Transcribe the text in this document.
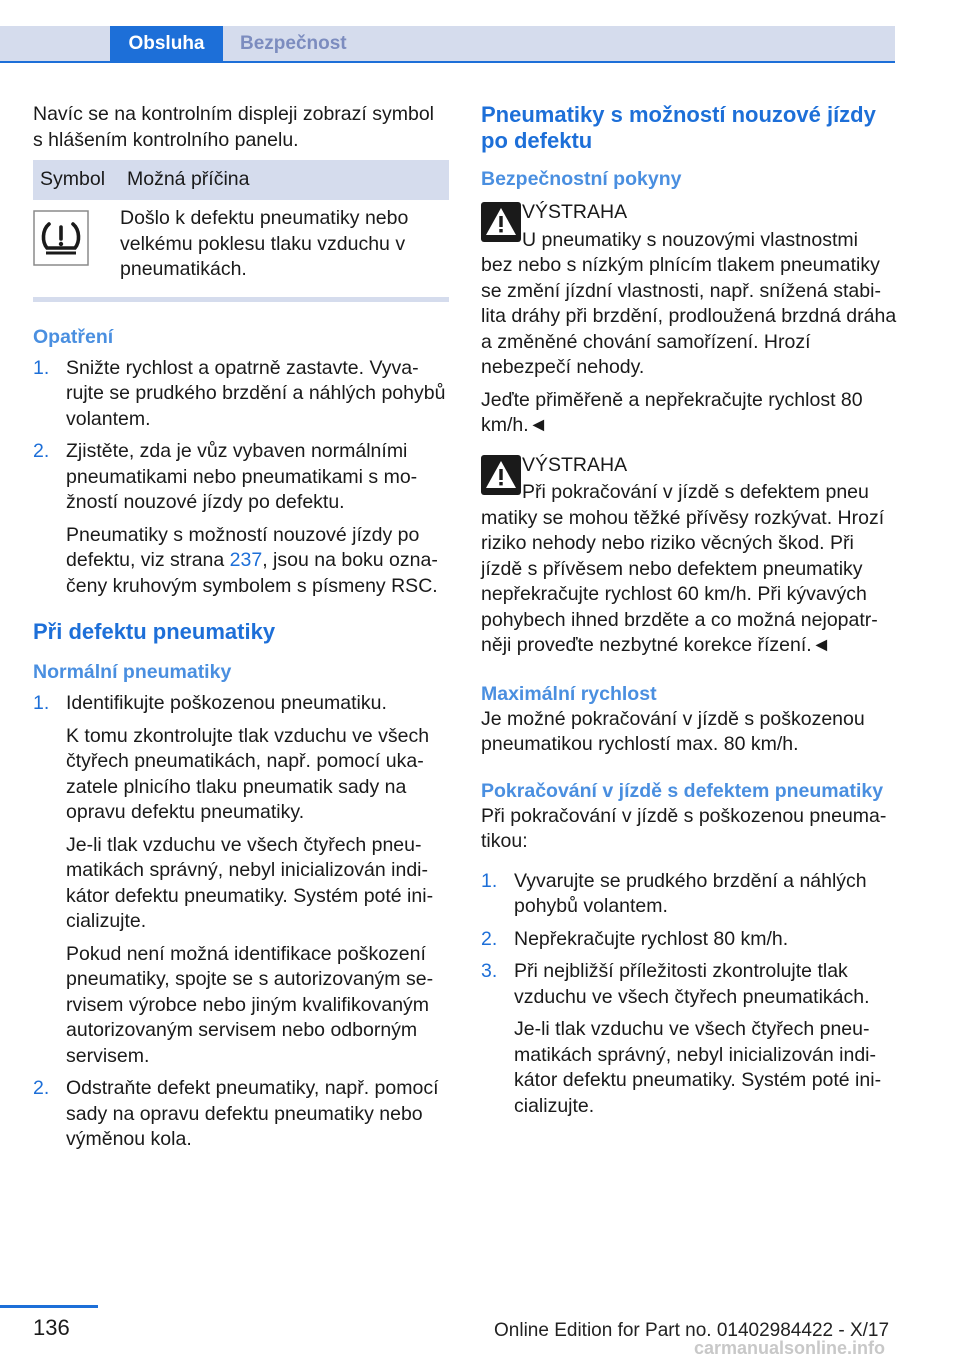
Obsluha	Bezpečnost

Navíc se na kontrolním displeji zobrazí symbol s hlášením kontrolního panelu.

Symbol	Možná příčina
Došlo k defektu pneumatiky nebo velkému poklesu tlaku vzduchu v pneumatikách.
Opatření
1. Snižte rychlost a opatrně zastavte. Vyvarujte se prudkého brzdění a náhlých pohybů volantem.

2. Zjistěte, zda je vůz vybaven normálními pneumatikami nebo pneumatikami s možností nouzové jízdy po defektu.

Pneumatiky s možností nouzové jízdy po defektu, viz strana 237, jsou na boku označeny kruhovým symbolem s písmeny RSC.

Při defektu pneumatiky
Normální pneumatiky
1. Identifikujte poškozenou pneumatiku.

K tomu zkontrolujte tlak vzduchu ve všech čtyřech pneumatikách, např. pomocí ukazatele plnicího tlaku pneumatik sady na opravu defektu pneumatiky.

Je-li tlak vzduchu ve všech čtyřech pneumatikách správný, nebyl inicializován indikátor defektu pneumatiky. Systém poté inicializujte.

Pokud není možná identifikace poškození pneumatiky, spojte se s autorizovaným servisem výrobce nebo jiným kvalifikovaným autorizovaným servisem nebo odborným servisem.

2. Odstraňte defekt pneumatiky, např. pomocí sady na opravu defektu pneumatiky nebo výměnou kola.

Pneumatiky s možností nouzové jízdy po defektu
Bezpečnostní pokyny

VÝSTRAHA

U pneumatiky s nouzovými vlastnostmi

bez nebo s nízkým plnícím tlakem pneumatiky se změní jízdní vlastnosti, např. snížená stabilita dráhy při brzdění, prodloužená brzdná dráha a změněné chování samořízení. Hrozí nebezpečí nehody.

Jeďte přiměřeně a nepřekračujte rychlost 80 km/h.◄

VÝSTRAHA

Při pokračování v jízdě s defektem pneu

matiky se mohou těžké přívěsy rozkývat. Hrozí riziko nehody nebo riziko věcných škod. Při jízdě s přívěsem nebo defektem pneumatiky nepřekračujte rychlost 60 km/h. Při kývavých pohybech ihned brzděte a co možná nejopatrněji proveďte nezbytné korekce řízení.◄

Maximální rychlost

Je možné pokračování v jízdě s poškozenou pneumatikou rychlostí max. 80 km/h.

Pokračování v jízdě s defektem pneumatiky

Při pokračování v jízdě s poškozenou pneumatikou:

1. Vyvarujte se prudkého brzdění a náhlých pohybů volantem.

2. Nepřekračujte rychlost 80 km/h.

3. Při nejbližší příležitosti zkontrolujte tlak vzduchu ve všech čtyřech pneumatikách.

Je-li tlak vzduchu ve všech čtyřech pneumatikách správný, nebyl inicializován indikátor defektu pneumatiky. Systém poté inicializujte.

136	Online Edition for Part no. 01402984422 - X/17
carmanualsonline.info
